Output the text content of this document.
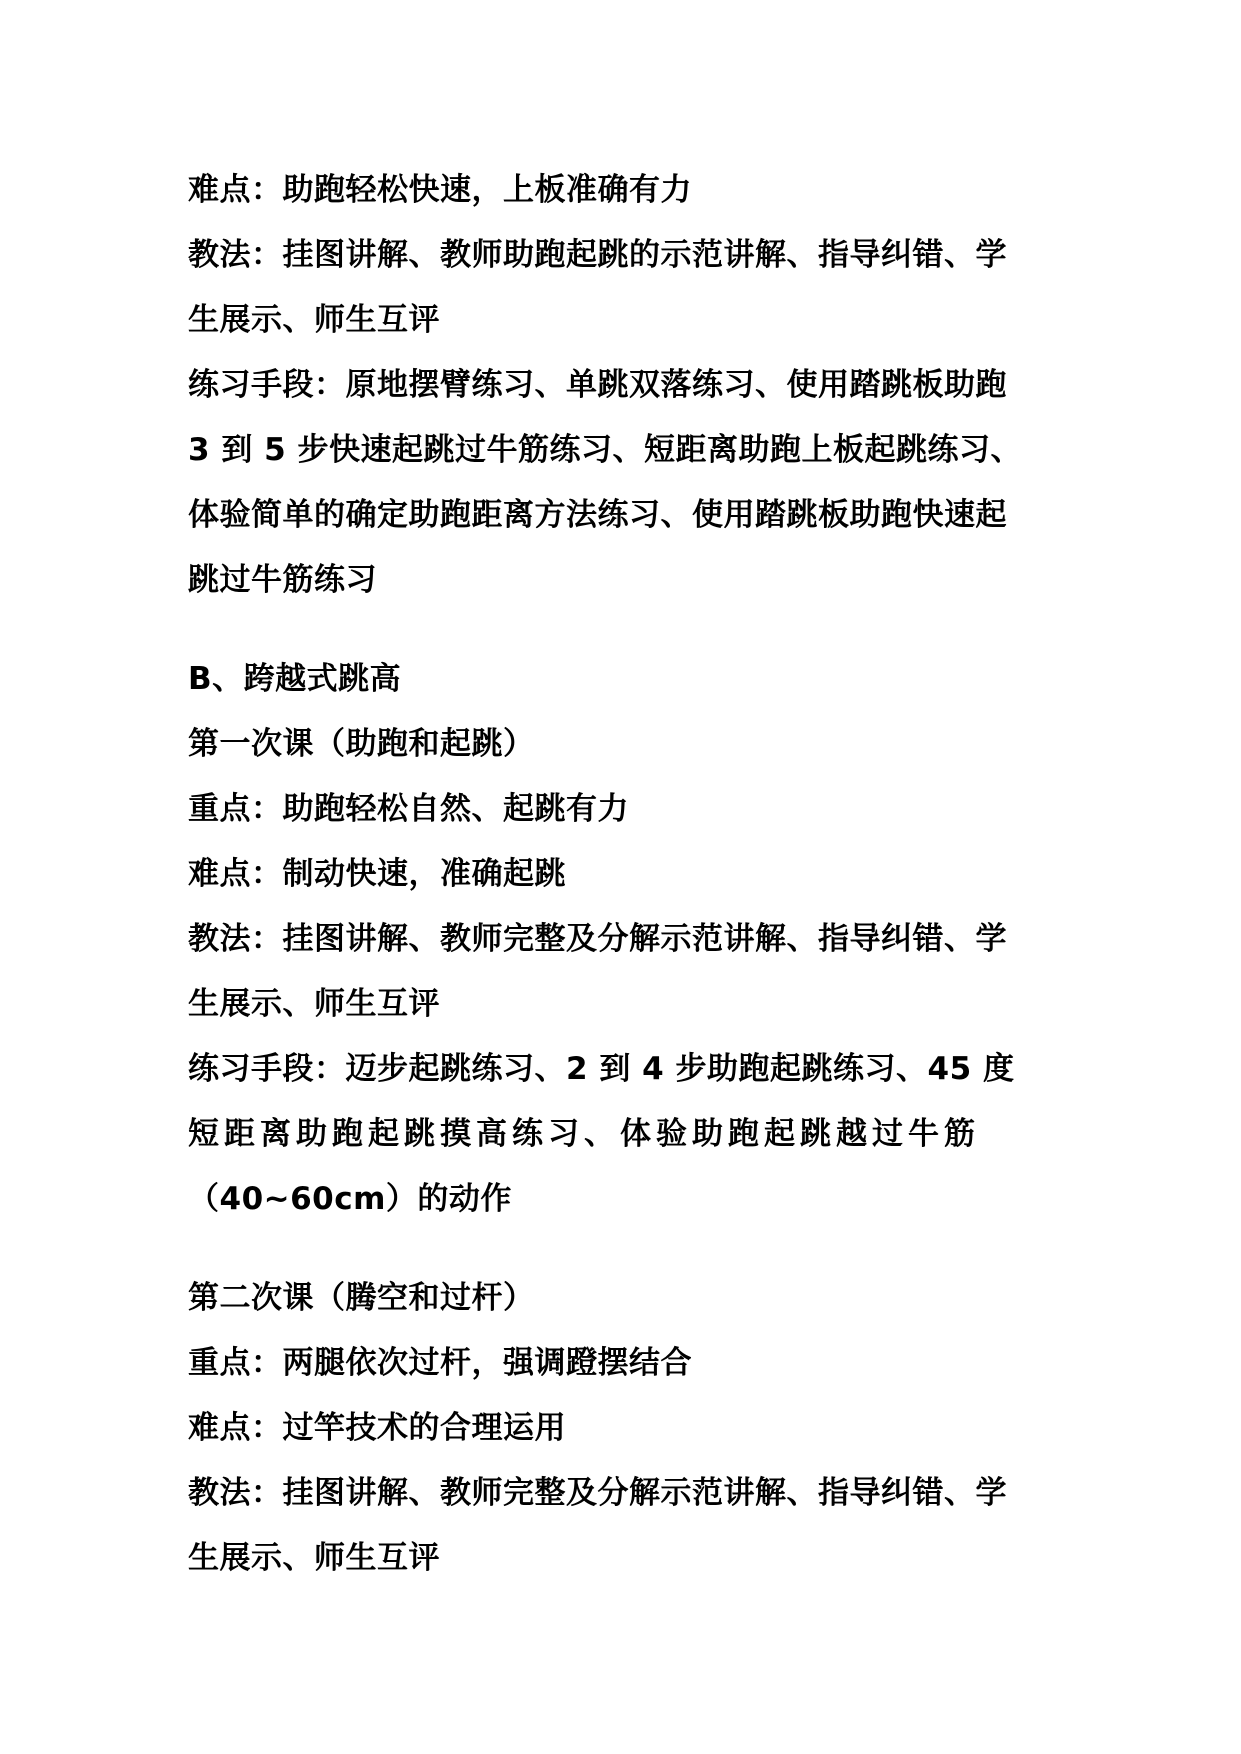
难点：助跑轻松快速，上板准确有力
教法：挂图讲解、教师助跑起跳的示范讲解、指导纠错、学
生展示、师生互评
练习手段：原地摆臂练习、单跳双落练习、使用踏跳板助跑
3 到 5 步快速起跳过牛筋练习、短距离助跑上板起跳练习、
体验简单的确定助跑距离方法练习、使用踏跳板助跑快速起
跳过牛筋练习
B、跨越式跳高
第一次课（助跑和起跳）
重点：助跑轻松自然、起跳有力
难点：制动快速，准确起跳
教法：挂图讲解、教师完整及分解示范讲解、指导纠错、学
生展示、师生互评
练习手段：迈步起跳练习、2 到 4 步助跑起跳练习、45 度
短距离助跑起跳摸高练习、体验助跑起跳越过牛筋
（40~60cm）的动作
第二次课（腾空和过杆）
重点：两腿依次过杆，强调蹬摆结合
难点：过竿技术的合理运用
教法：挂图讲解、教师完整及分解示范讲解、指导纠错、学
生展示、师生互评
